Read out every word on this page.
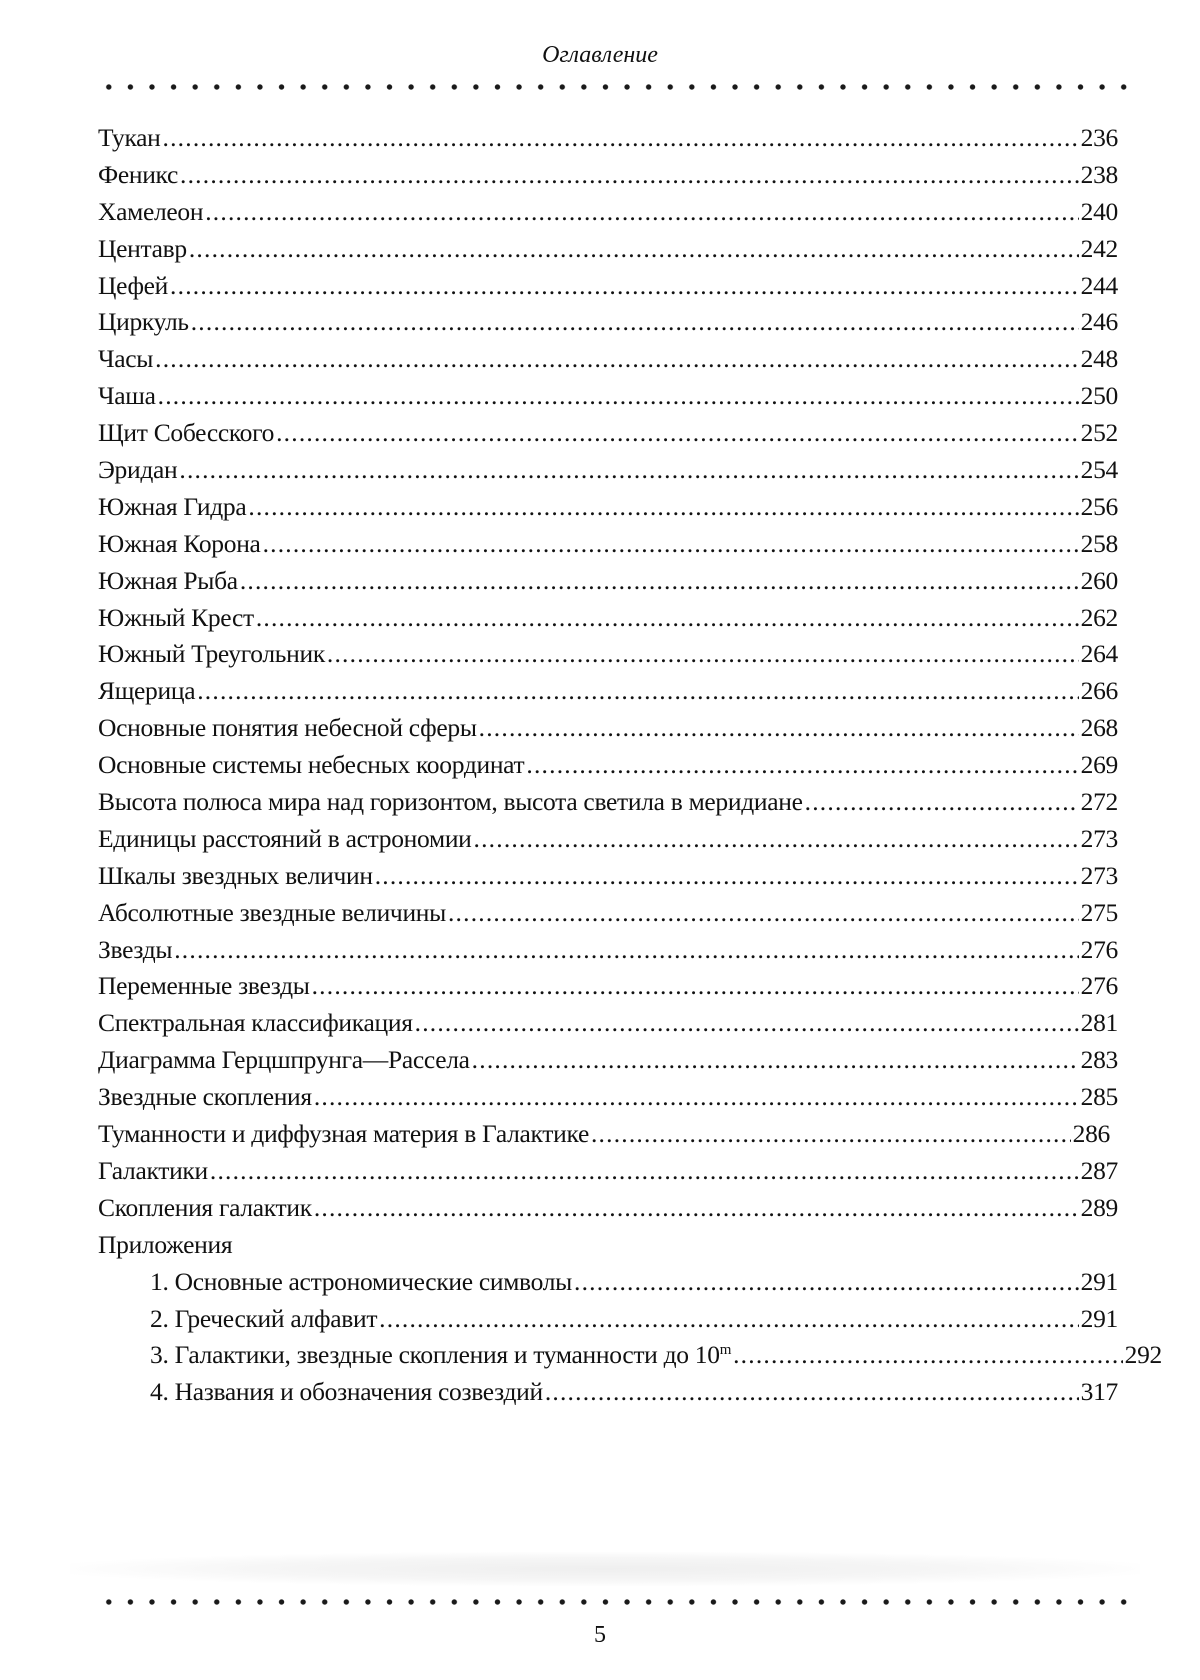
Оглавление
Тукан .....	236
Феникс .....	238
Хамелеон .....	240
Центавр .....	242
Цефей .....	244
Циркуль .....	246
Часы .....	248
Чаша .....	250
Щит Собесского .....	252
Эридан .....	254
Южная Гидра .....	256
Южная Корона .....	258
Южная Рыба .....	260
Южный Крест .....	262
Южный Треугольник .....	264
Ящерица .....	266
Основные понятия небесной сферы .....	268
Основные системы небесных координат .....	269
Высота полюса мира над горизонтом, высота светила в меридиане .....	272
Единицы расстояний в астрономии .....	273
Шкалы звездных величин .....	273
Абсолютные звездные величины .....	275
Звезды .....	276
Переменные звезды .....	276
Спектральная классификация .....	281
Диаграмма Герцшпрунга—Рассела .....	283
Звездные скопления .....	285
Туманности и диффузная материя в Галактике .....	286
Галактики .....	287
Скопления галактик .....	289
Приложения
1. Основные астрономические символы .....	291
2. Греческий алфавит .....	291
3. Галактики, звездные скопления и туманности до 10$^m$ .....	292
4. Названия и обозначения созвездий .....	317
5
